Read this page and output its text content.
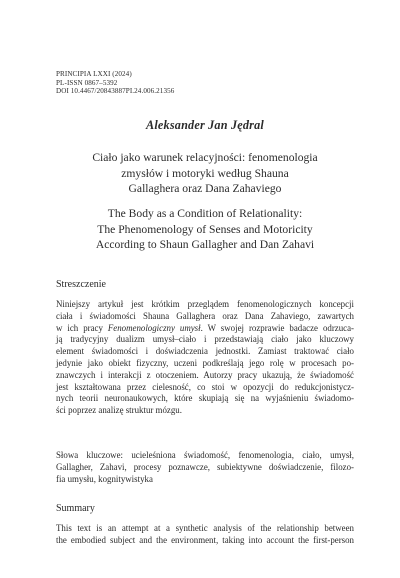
PRINCIPIA LXXI (2024)
PL-ISSN 0867–5392
DOI 10.4467/20843887PI.24.006.21356
Aleksander Jan Jędral
Ciało jako warunek relacyjności: fenomenologia
zmysłów i motoryki według Shauna
Gallaghera oraz Dana Zahaviego
The Body as a Condition of Relationality:
The Phenomenology of Senses and Motoricity
According to Shaun Gallagher and Dan Zahavi
Streszczenie
Niniejszy artykuł jest krótkim przeglądem fenomenologicznych koncepcji
ciała i świadomości Shauna Gallaghera oraz Dana Zahaviego, zawartych
w ich pracy Fenomenologiczny umysł. W swojej rozprawie badacze odrzuca-
ją tradycyjny dualizm umysł–ciało i przedstawiają ciało jako kluczowy
element świadomości i doświadczenia jednostki. Zamiast traktować ciało
jedynie jako obiekt fizyczny, uczeni podkreślają jego rolę w procesach po-
znawczych i interakcji z otoczeniem. Autorzy pracy ukazują, że świadomość
jest kształtowana przez cielesność, co stoi w opozycji do redukcjonistycz-
nych teorii neuronaukowych, które skupiają się na wyjaśnieniu świadomo-
ści poprzez analizę struktur mózgu.
Słowa kluczowe: ucieleśniona świadomość, fenomenologia, ciało, umysł,
Gallagher, Zahavi, procesy poznawcze, subiektywne doświadczenie, filozo-
fia umysłu, kognitywistyka
Summary
This text is an attempt at a synthetic analysis of the relationship between
the embodied subject and the environment, taking into account the first-person
